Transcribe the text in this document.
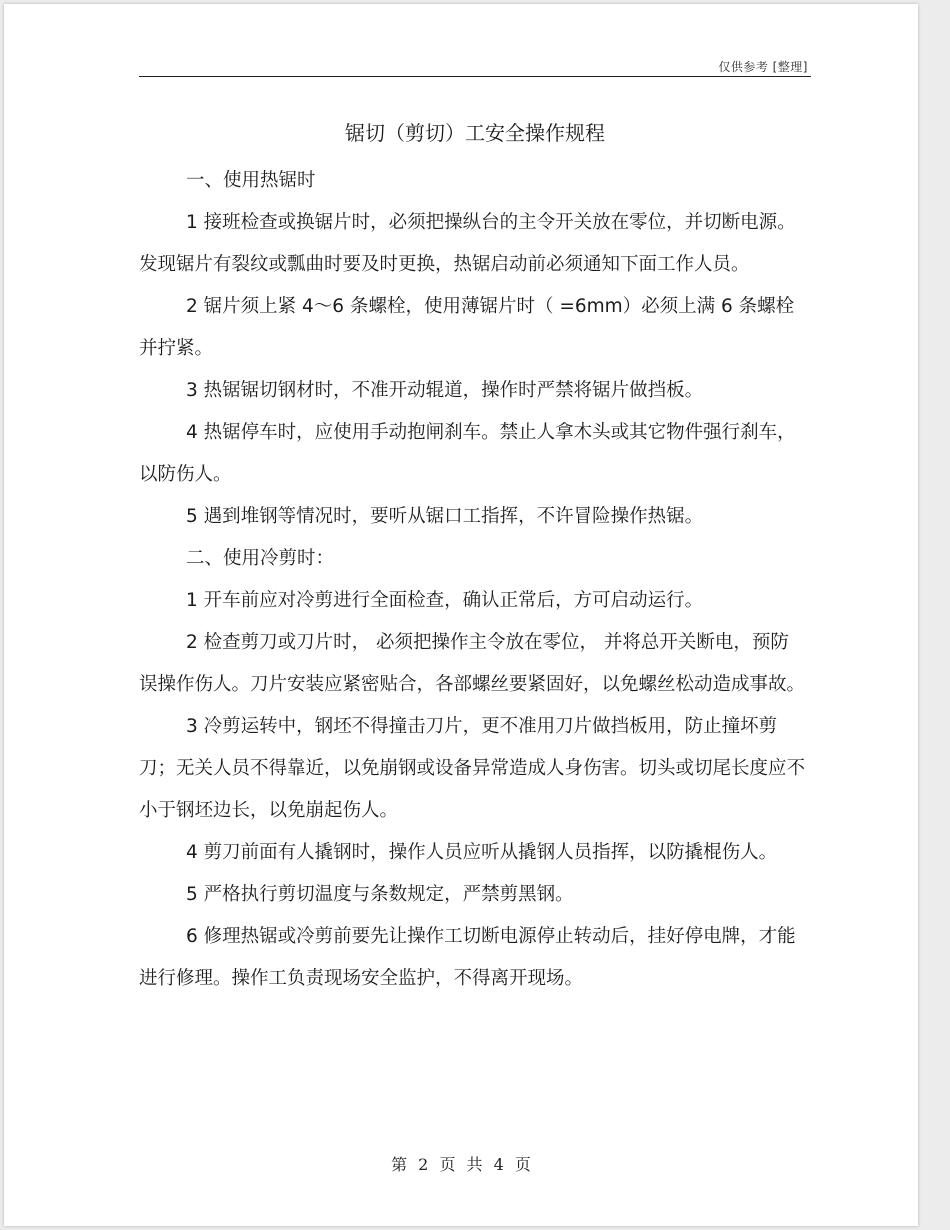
仅供参考 [整理]
锯切（剪切）工安全操作规程

一、使用热锯时

1 接班检查或换锯片时，必须把操纵台的主令开关放在零位，并切断电源。发现锯片有裂纹或瓢曲时要及时更换，热锯启动前必须通知下面工作人员。

2 锯片须上紧 4～6 条螺栓，使用薄锯片时（ =6mm）必须上满 6 条螺栓并拧紧。

3 热锯锯切钢材时，不准开动辊道，操作时严禁将锯片做挡板。

4 热锯停车时，应使用手动抱闸刹车。禁止人拿木头或其它物件强行刹车，以防伤人。

5 遇到堆钢等情况时，要听从锯口工指挥，不许冒险操作热锯。

二、使用冷剪时：

1 开车前应对冷剪进行全面检查，确认正常后，方可启动运行。

2 检查剪刀或刀片时， 必须把操作主令放在零位， 并将总开关断电，预防误操作伤人。刀片安装应紧密贴合，各部螺丝要紧固好，以免螺丝松动造成事故。

3 冷剪运转中，钢坯不得撞击刀片，更不准用刀片做挡板用，防止撞坏剪刀；无关人员不得靠近，以免崩钢或设备异常造成人身伤害。切头或切尾长度应不小于钢坯边长，以免崩起伤人。

4 剪刀前面有人撬钢时，操作人员应听从撬钢人员指挥，以防撬棍伤人。

5 严格执行剪切温度与条数规定，严禁剪黑钢。

6 修理热锯或冷剪前要先让操作工切断电源停止转动后，挂好停电牌，才能进行修理。操作工负责现场安全监护，不得离开现场。

第 2 页 共 4 页
